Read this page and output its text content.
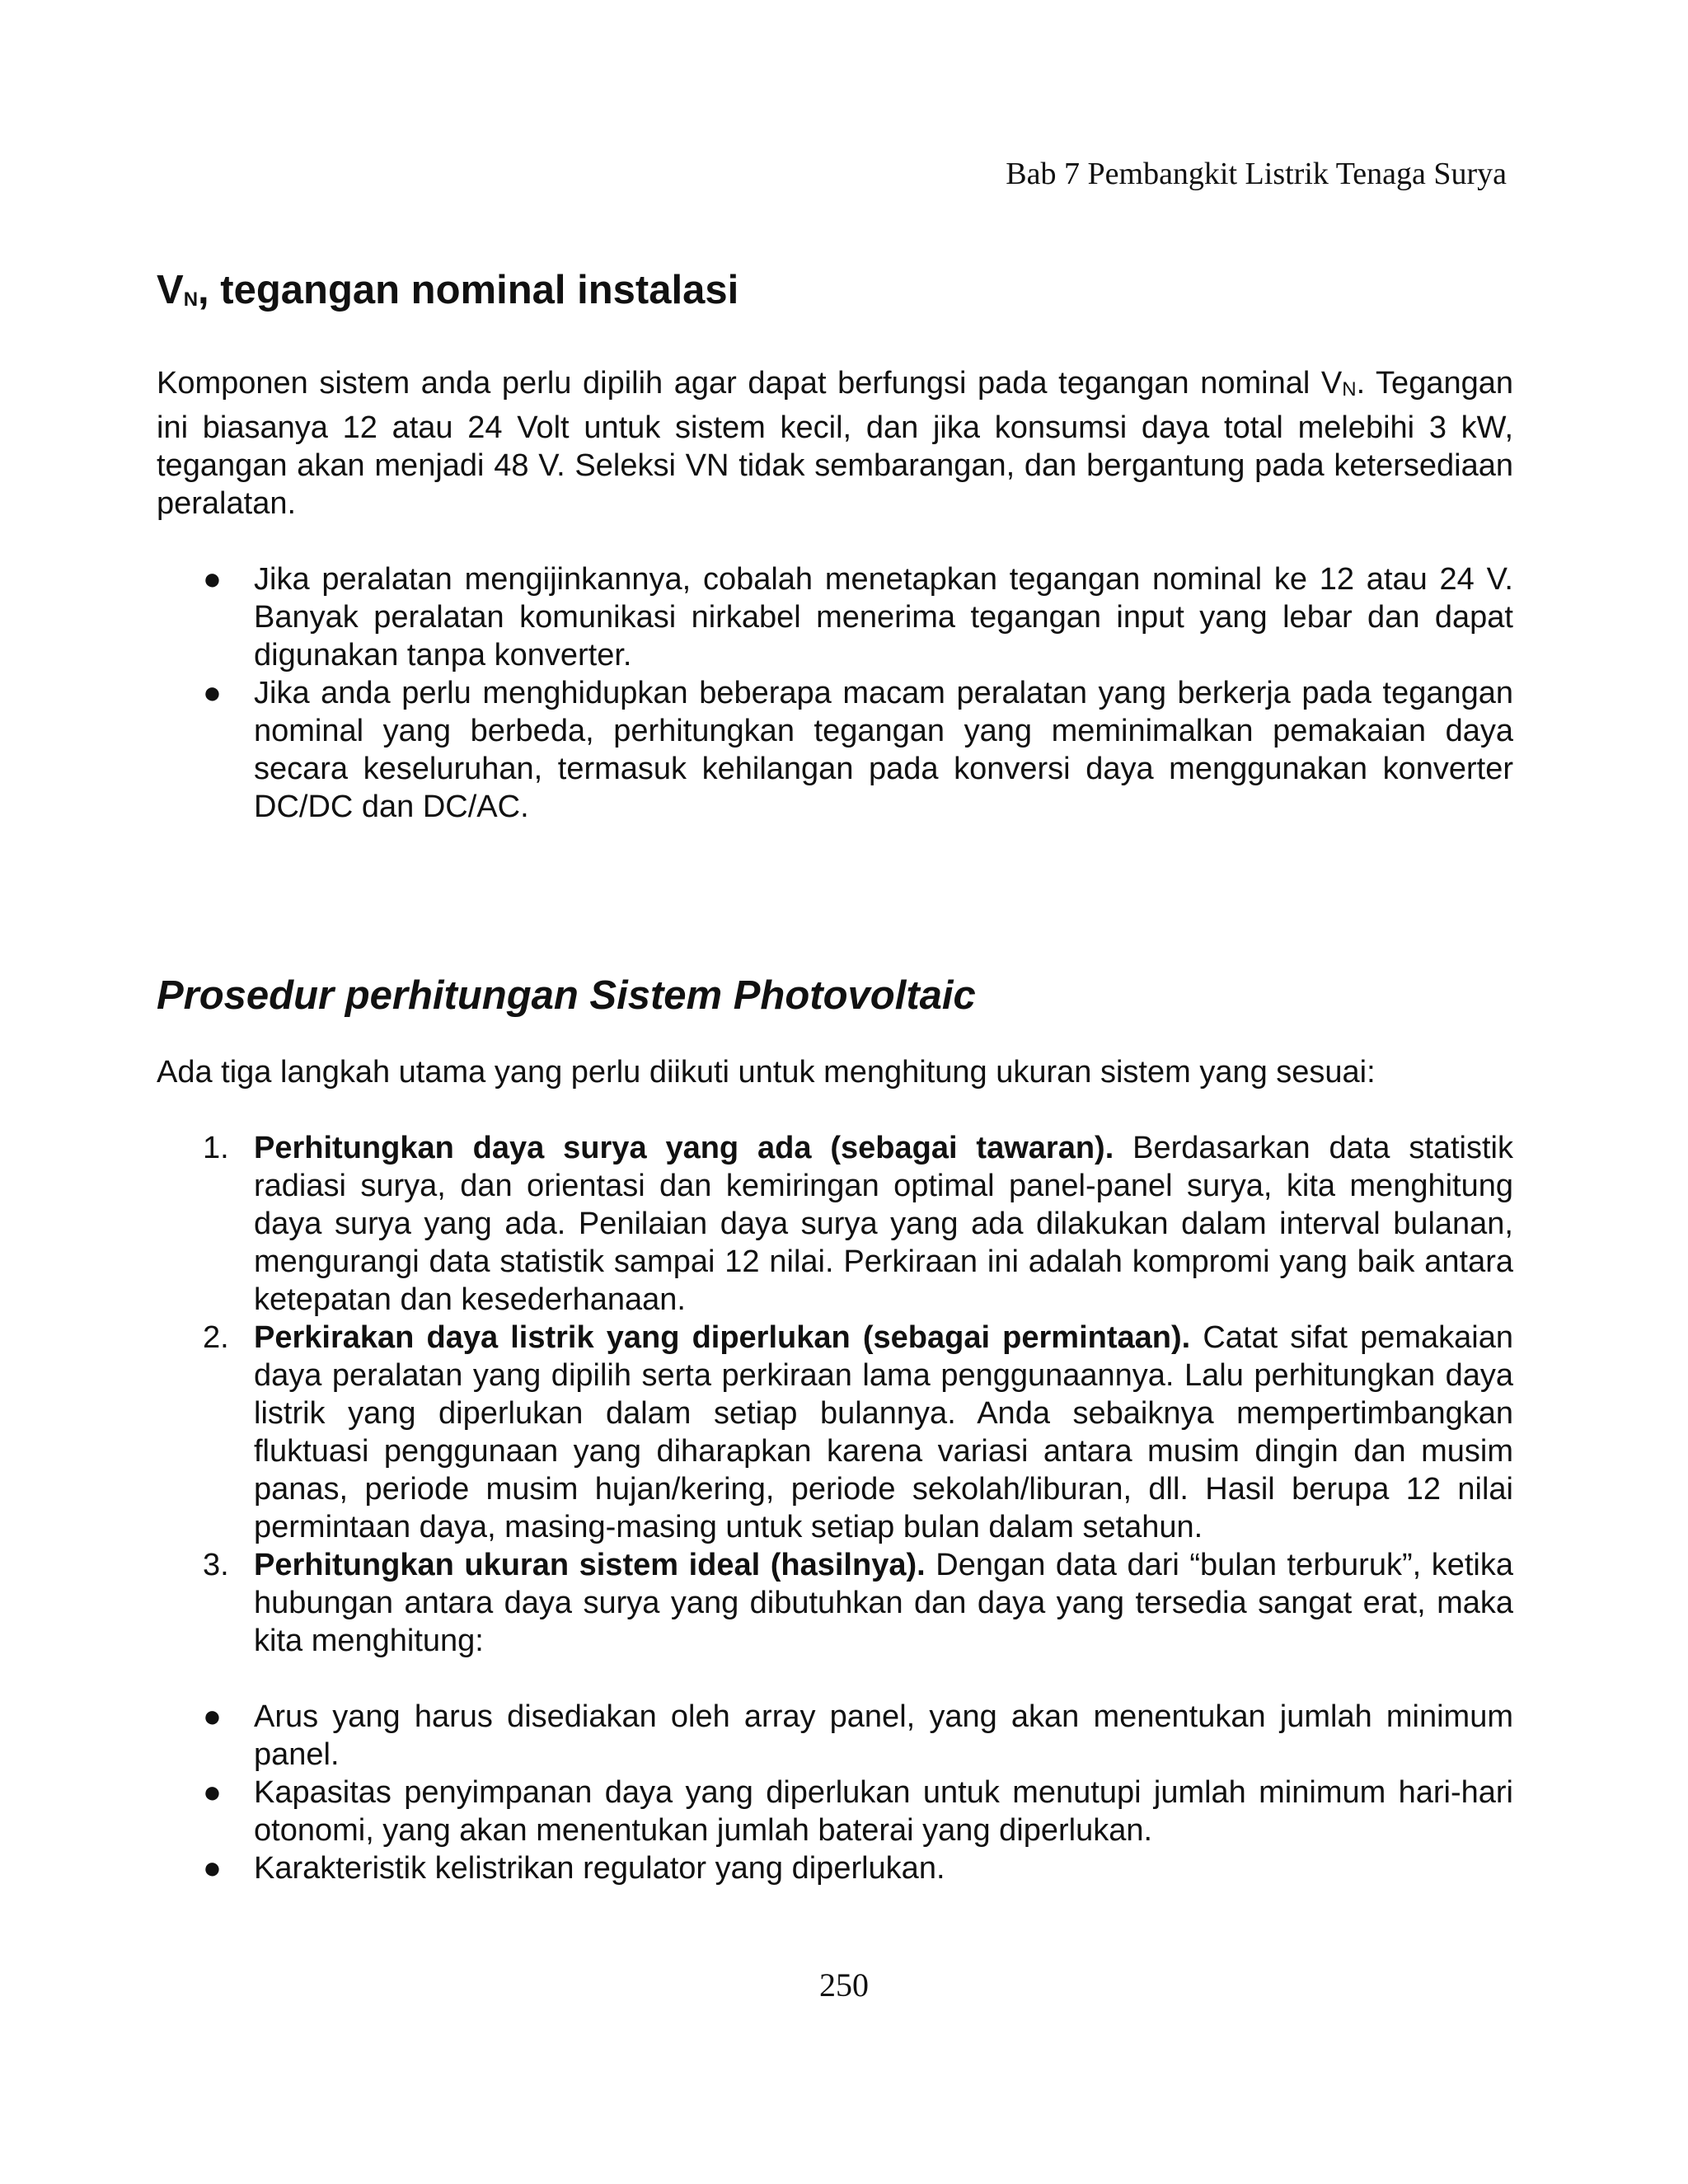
Bab 7 Pembangkit Listrik Tenaga Surya
VN, tegangan nominal instalasi

Komponen sistem anda perlu dipilih agar dapat berfungsi pada tegangan nominal VN. Tegangan ini biasanya 12 atau 24 Volt untuk sistem kecil, dan jika konsumsi daya total melebihi 3 kW, tegangan akan menjadi 48 V. Seleksi VN tidak sembarangan, dan bergantung pada ketersediaan peralatan.

● Jika peralatan mengijinkannya, cobalah menetapkan tegangan nominal ke 12 atau 24 V. Banyak peralatan komunikasi nirkabel menerima tegangan input yang lebar dan dapat digunakan tanpa konverter.
● Jika anda perlu menghidupkan beberapa macam peralatan yang berkerja pada tegangan nominal yang berbeda, perhitungkan tegangan yang meminimalkan pemakaian daya secara keseluruhan, termasuk kehilangan pada konversi daya menggunakan konverter DC/DC dan DC/AC.
Prosedur perhitungan Sistem Photovoltaic

Ada tiga langkah utama yang perlu diikuti untuk menghitung ukuran sistem yang sesuai:

1. Perhitungkan daya surya yang ada (sebagai tawaran). Berdasarkan data statistik radiasi surya, dan orientasi dan kemiringan optimal panel-panel surya, kita menghitung daya surya yang ada. Penilaian daya surya yang ada dilakukan dalam interval bulanan, mengurangi data statistik sampai 12 nilai. Perkiraan ini adalah kompromi yang baik antara ketepatan dan kesederhanaan.
2. Perkirakan daya listrik yang diperlukan (sebagai permintaan). Catat sifat pemakaian daya peralatan yang dipilih serta perkiraan lama penggunaannya. Lalu perhitungkan daya listrik yang diperlukan dalam setiap bulannya. Anda sebaiknya mempertimbangkan fluktuasi penggunaan yang diharapkan karena variasi antara musim dingin dan musim panas, periode musim hujan/kering, periode sekolah/liburan, dll. Hasil berupa 12 nilai permintaan daya, masing-masing untuk setiap bulan dalam setahun.
3. Perhitungkan ukuran sistem ideal (hasilnya). Dengan data dari “bulan terburuk”, ketika hubungan antara daya surya yang dibutuhkan dan daya yang tersedia sangat erat, maka kita menghitung:
● Arus yang harus disediakan oleh array panel, yang akan menentukan jumlah minimum panel.
● Kapasitas penyimpanan daya yang diperlukan untuk menutupi jumlah minimum hari-hari otonomi, yang akan menentukan jumlah baterai yang diperlukan.
● Karakteristik kelistrikan regulator yang diperlukan.
250
